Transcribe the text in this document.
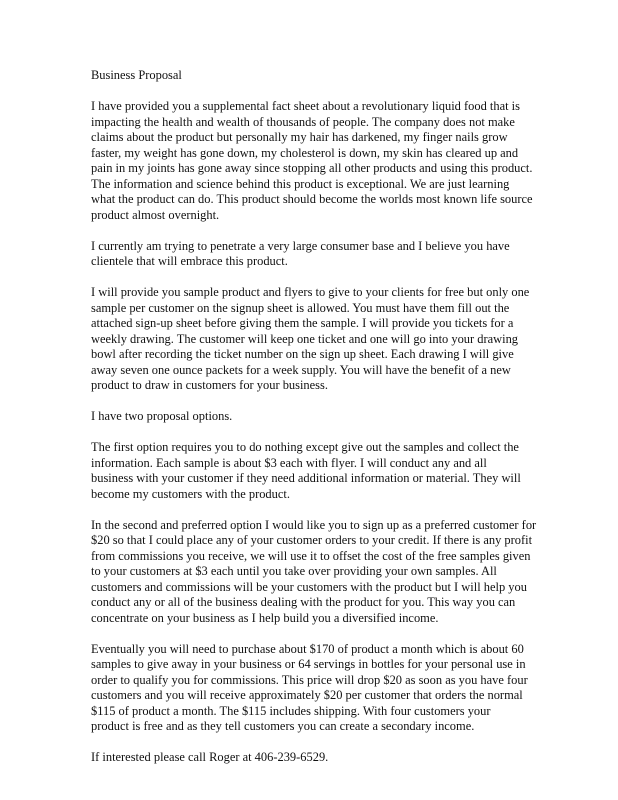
Business Proposal
I have provided you a supplemental fact sheet about a revolutionary liquid food that is
impacting the health and wealth of thousands of people. The company does not make
claims about the product but personally my hair has darkened, my finger nails grow
faster, my weight has gone down, my cholesterol is down, my skin has cleared up and
pain in my joints has gone away since stopping all other products and using this product.
The information and science behind this product is exceptional. We are just learning
what the product can do. This product should become the worlds most known life source
product almost overnight.
I currently am trying to penetrate a very large consumer base and I believe you have
clientele that will embrace this product.
I will provide you sample product and flyers to give to your clients for free but only one
sample per customer on the signup sheet is allowed. You must have them fill out the
attached sign-up sheet before giving them the sample. I will provide you tickets for a
weekly drawing. The customer will keep one ticket and one will go into your drawing
bowl after recording the ticket number on the sign up sheet. Each drawing I will give
away seven one ounce packets for a week supply. You will have the benefit of a new
product to draw in customers for your business.
I have two proposal options.
The first option requires you to do nothing except give out the samples and collect the
information. Each sample is about $3 each with flyer. I will conduct any and all
business with your customer if they need additional information or material. They will
become my customers with the product.
In the second and preferred option I would like you to sign up as a preferred customer for
$20 so that I could place any of your customer orders to your credit. If there is any profit
from commissions you receive, we will use it to offset the cost of the free samples given
to your customers at $3 each until you take over providing your own samples. All
customers and commissions will be your customers with the product but I will help you
conduct any or all of the business dealing with the product for you. This way you can
concentrate on your business as I help build you a diversified income.
Eventually you will need to purchase about $170 of product a month which is about 60
samples to give away in your business or 64 servings in bottles for your personal use in
order to qualify you for commissions. This price will drop $20 as soon as you have four
customers and you will receive approximately $20 per customer that orders the normal
$115 of product a month. The $115 includes shipping. With four customers your
product is free and as they tell customers you can create a secondary income.
If interested please call Roger at 406-239-6529.
